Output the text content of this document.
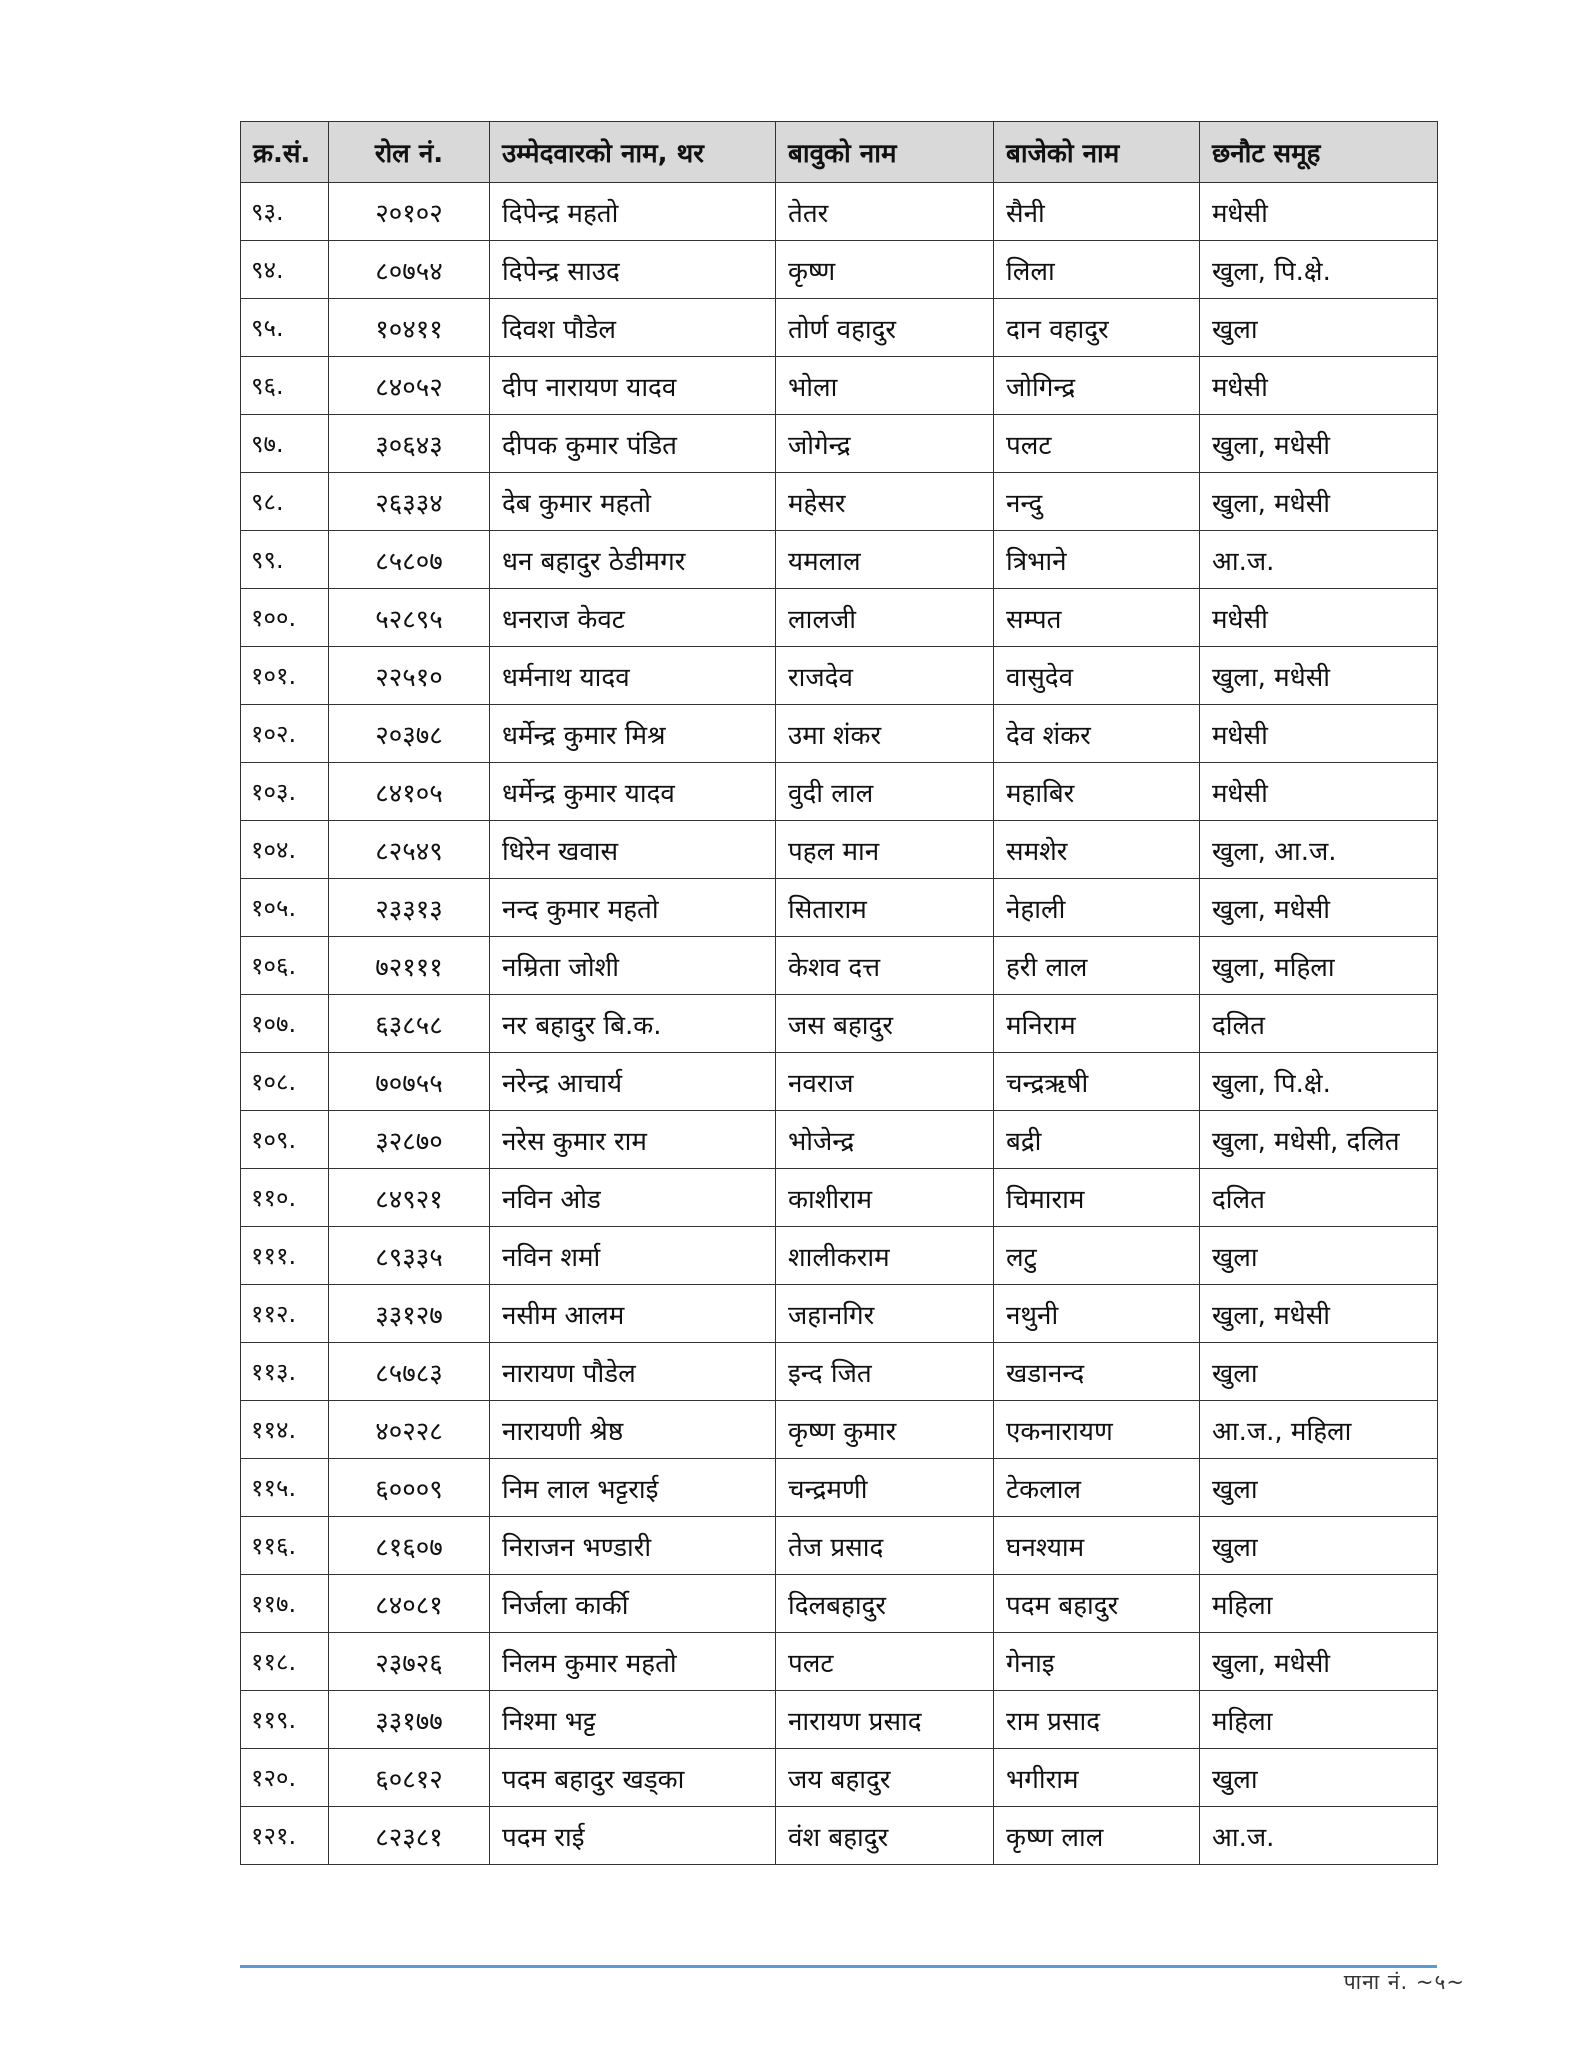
क्र.सं.	रोल नं.	उम्मेदवारको नाम, थर	बावुको नाम	बाजेको नाम	छनौट समूह
९३.	२०१०२	दिपेन्द्र महतो	तेतर	सैनी	मधेसी
९४.	८०७५४	दिपेन्द्र साउद	कृष्ण	लिला	खुला, पि.क्षे.
९५.	१०४११	दिवश पौडेल	तोर्ण वहादुर	दान वहादुर	खुला
९६.	८४०५२	दीप नारायण यादव	भोला	जोगिन्द्र	मधेसी
९७.	३०६४३	दीपक कुमार पंडित	जोगेन्द्र	पलट	खुला, मधेसी
९८.	२६३३४	देब कुमार महतो	महेसर	नन्दु	खुला, मधेसी
९९.	८५८०७	धन बहादुर ठेडीमगर	यमलाल	त्रिभाने	आ.ज.
१००.	५२८९५	धनराज केवट	लालजी	सम्पत	मधेसी
१०१.	२२५१०	धर्मनाथ यादव	राजदेव	वासुदेव	खुला, मधेसी
१०२.	२०३७८	धर्मेन्द्र कुमार मिश्र	उमा शंकर	देव शंकर	मधेसी
१०३.	८४१०५	धर्मेन्द्र कुमार यादव	वुदी लाल	महाबिर	मधेसी
१०४.	८२५४९	धिरेन खवास	पहल मान	समशेर	खुला, आ.ज.
१०५.	२३३१३	नन्द कुमार महतो	सिताराम	नेहाली	खुला, मधेसी
१०६.	७२१११	नम्रिता जोशी	केशव दत्त	हरी लाल	खुला, महिला
१०७.	६३८५८	नर बहादुर बि.क.	जस बहादुर	मनिराम	दलित
१०८.	७०७५५	नरेन्द्र आचार्य	नवराज	चन्द्रऋषी	खुला, पि.क्षे.
१०९.	३२८७०	नरेस कुमार राम	भोजेन्द्र	बद्री	खुला, मधेसी, दलित
११०.	८४९२१	नविन ओड	काशीराम	चिमाराम	दलित
१११.	८९३३५	नविन शर्मा	शालीकराम	लटु	खुला
११२.	३३१२७	नसीम आलम	जहानगिर	नथुनी	खुला, मधेसी
११३.	८५७८३	नारायण पौडेल	इन्द जित	खडानन्द	खुला
११४.	४०२२८	नारायणी श्रेष्ठ	कृष्ण कुमार	एकनारायण	आ.ज., महिला
११५.	६०००९	निम लाल भट्टराई	चन्द्रमणी	टेकलाल	खुला
११६.	८१६०७	निराजन भण्डारी	तेज प्रसाद	घनश्याम	खुला
११७.	८४०८१	निर्जला कार्की	दिलबहादुर	पदम बहादुर	महिला
११८.	२३७२६	निलम कुमार महतो	पलट	गेनाइ	खुला, मधेसी
११९.	३३१७७	निश्मा भट्ट	नारायण प्रसाद	राम प्रसाद	महिला
१२०.	६०८१२	पदम बहादुर खड्का	जय बहादुर	भगीराम	खुला
१२१.	८२३८१	पदम राई	वंश बहादुर	कृष्ण लाल	आ.ज.
पाना नं. ~५~
